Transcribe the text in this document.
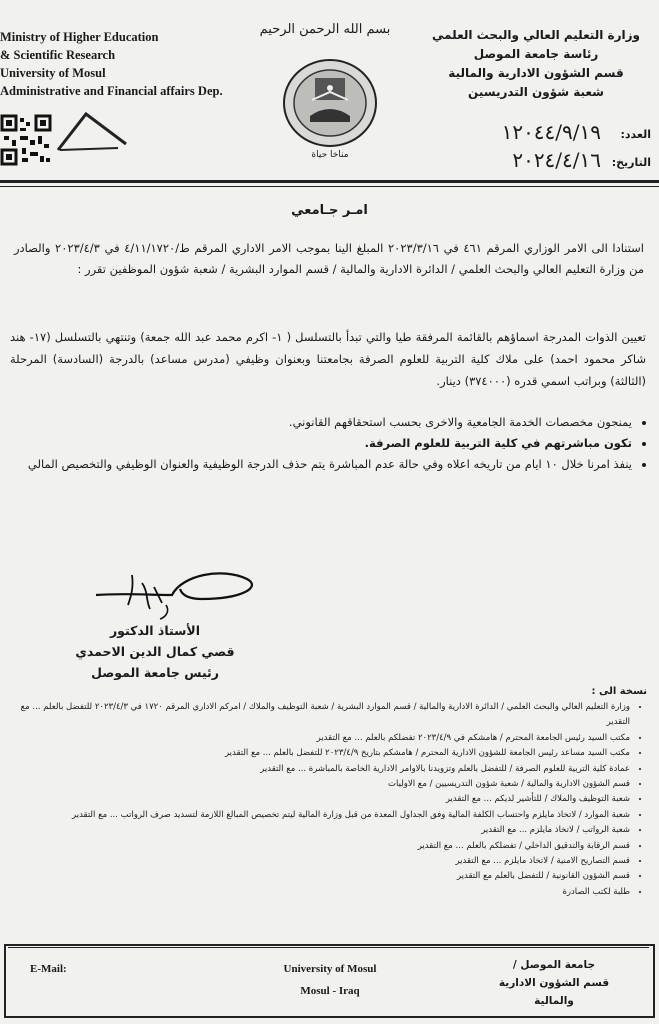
Ministry of Higher Education
& Scientific Research
University of Mosul
Administrative and Financial affairs Dep.
وزارة التعليم العالي والبحث العلمي
رئاسة جامعة الموصل
قسم الشؤون الادارية والمالية
شعبة شؤون التدريسين
بسم الله الرحمن الرحيم
مناخا حياة
العدد:
١٢٠٤٤/٩/١٩
التاريخ:
٢٠٢٤/٤/١٦
امـر جـامعي
استنادا الى الامر الوزاري المرقم ٤٦١ في ٢٠٢٣/٣/١٦ المبلغ الينا بموجب الامر الاداري المرقم ط/٤/١١/١٧٢٠ في ٢٠٢٣/٤/٣ والصادر من وزارة التعليم العالي والبحث العلمي / الدائرة الادارية والمالية / قسم الموارد البشرية / شعبة شؤون الموظفين تقرر :
تعيين الذوات المدرجة اسماؤهم بالقائمة المرفقة طيا والتي تبدأ بالتسلسل ( ١- اكرم محمد عبد الله جمعة) وتنتهي بالتسلسل (١٧- هند شاكر محمود احمد) على ملاك كلية التربية للعلوم الصرفة بجامعتنا وبعنوان وظيفي (مدرس مساعد) بالدرجة (السادسة) المرحلة (الثالثة) وبراتب اسمي قدره (٣٧٤٠٠٠) دينار.
• يمنحون مخصصات الخدمة الجامعية والاخرى بحسب استحقاقهم القانوني.
• تكون مباشرتهم في كلية التربية للعلوم الصرفة.
• ينفذ امرنا خلال ١٠ ايام من تاريخه اعلاه وفي حالة عدم المباشرة يتم حذف الدرجة الوظيفية والعنوان الوظيفي والتخصيص المالي
الأستاذ الدكتور
قصي كمال الدين الاحمدي
رئيس جامعة الموصل
نسخة الى :
• وزارة التعليم العالي والبحث العلمي / الدائرة الادارية والمالية / قسم الموارد البشرية / شعبة التوظيف والملاك / امركم الاداري المرقم ١٧٢٠ في ٢٠٢٣/٤/٣ للتفضل بالعلم ... مع التقدير
• مكتب السيد رئيس الجامعة المحترم / هامشكم في ٢٠٢٣/٤/٩ تفضلكم بالعلم ... مع التقدير
• مكتب السيد مساعد رئيس الجامعة للشؤون الادارية المحترم / هامشكم بتاريخ ٢٠٢٣/٤/٩ للتفضل بالعلم ... مع التقدير
• عمادة كلية التربية للعلوم الصرفة / للتفضل بالعلم وتزويدنا بالاوامر الادارية الخاصة بالمباشرة ... مع التقدير
• قسم الشؤون الادارية والمالية / شعبة شؤون التدريسيين / مع الاوليات
• شعبة التوظيف والملاك / للتأشير لديكم ... مع التقدير
• شعبة الموارد / لاتخاذ مايلزم واحتساب الكلفة المالية وفق الجداول المعدة من قبل وزارة المالية ليتم تخصيص المبالغ اللازمة لتسديد صرف الرواتب ... مع التقدير
• شعبة الرواتب / لاتخاذ مايلزم ... مع التقدير
• قسم الرقابة والتدقيق الداخلي / تفضلكم بالعلم ... مع التقدير
• قسم التصاريح الامنية / لاتخاذ مايلزم ... مع التقدير
• قسم الشؤون القانونية / للتفضل بالعلم مع التقدير
• طلبة لكتب الصادرة
E-Mail:	University of Mosul
Mosul - Iraq
جامعة الموصل /
قسم الشؤون الادارية
والمالية
